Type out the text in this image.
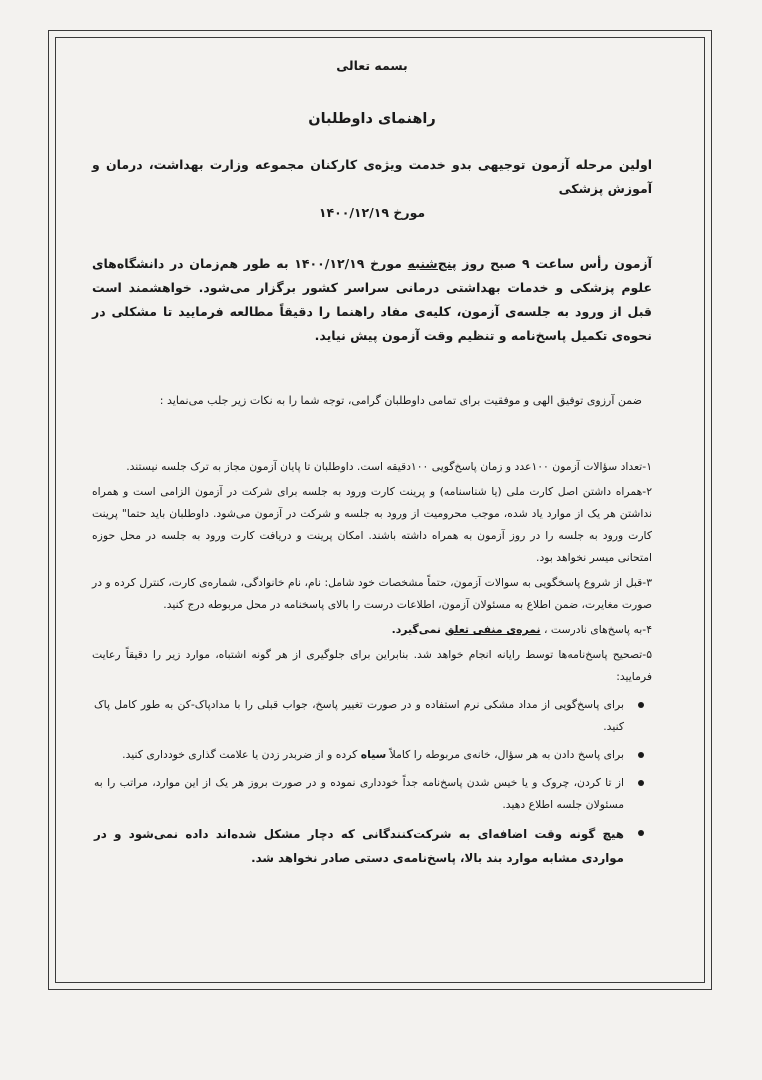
بسمه تعالی

راهنمای داوطلبان

اولین مرحله آزمون توجیهی بدو خدمت ویژه‌ی کارکنان مجموعه وزارت بهداشت، درمان و آموزش پزشکی

مورخ ۱۴۰۰/۱۲/۱۹

آزمون رأس ساعت ۹ صبح روز پنج‌شنبه مورخ ۱۴۰۰/۱۲/۱۹ به طور هم‌زمان در دانشگاه‌های علوم پزشکی و خدمات بهداشتی درمانی سراسر کشور برگزار می‌شود. خواهشمند است قبل از ورود به جلسه‌ی آزمون، کلیه‌ی مفاد راهنما را دقیقاً مطالعه فرمایید تا مشکلی در نحوه‌ی تکمیل پاسخ‌نامه و تنظیم وقت آزمون پیش نیاید.

ضمن آرزوی توفیق الهی و موفقیت برای تمامی داوطلبان گرامی، توجه شما را به نکات زیر جلب می‌نماید :

۱-تعداد سؤالات آزمون ۱۰۰عدد و زمان پاسخ‌گویی ۱۰۰دقیقه است. داوطلبان تا پایان آزمون مجاز به ترک جلسه نیستند.

۲-همراه داشتن اصل کارت ملی (یا شناسنامه) و پرینت کارت ورود به جلسه برای شرکت در آزمون الزامی است و همراه نداشتن هر یک از موارد یاد شده، موجب محرومیت از ورود به جلسه و شرکت در آزمون می‌شود. داوطلبان باید حتما" پرینت کارت ورود به جلسه را در روز آزمون به همراه داشته باشند. امکان پرینت و دریافت کارت ورود به جلسه در محل حوزه امتحانی میسر نخواهد بود.

۳-قبل از شروع پاسخگویی به سوالات آزمون، حتماً مشخصات خود شامل: نام، نام خانوادگی، شماره‌ی کارت، کنترل کرده و در صورت مغایرت، ضمن اطلاع به مسئولان آزمون، اطلاعات درست را بالای پاسخنامه در محل مربوطه درج کنید.

۴-به پاسخ‌های نادرست ، نمره‌ی منفی تعلق نمی‌گیرد.

۵-تصحیح پاسخ‌نامه‌ها توسط رایانه انجام خواهد شد. بنابراین برای جلوگیری از هر گونه اشتباه، موارد زیر را دقیقاً رعایت فرمایید:

برای پاسخ‌گویی از مداد مشکی نرم استفاده و در صورت تغییر پاسخ، جواب قبلی را با مدادپاک-کن به طور کامل پاک کنید.
برای پاسخ دادن به هر سؤال، خانه‌ی مربوطه را کاملاً سیاه کرده و از ضربدر زدن یا علامت گذاری خودداری کنید.
از تا کردن، چروک و یا خیس شدن پاسخ‌نامه جداً خودداری نموده و در صورت بروز هر یک از این موارد، مراتب را به مسئولان جلسه اطلاع دهید.
هیچ گونه وقت اضافه‌ای به شرکت‌کنندگانی که دچار مشکل شده‌اند داده نمی‌شود و در مواردی مشابه موارد بند بالا، پاسخ‌نامه‌ی دستی صادر نخواهد شد.
